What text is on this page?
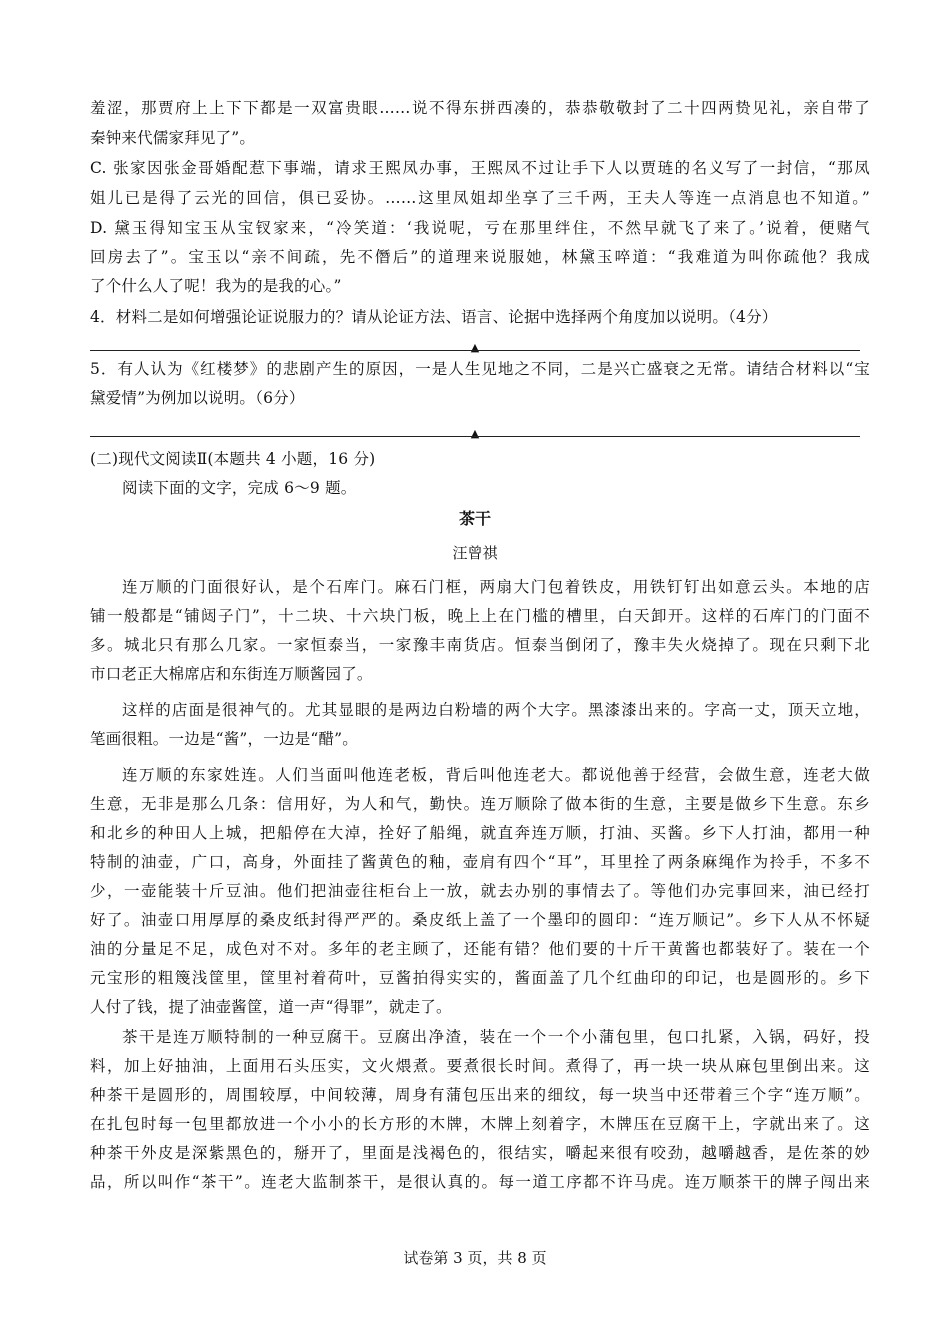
羞涩，那贾府上上下下都是一双富贵眼……说不得东拼西凑的，恭恭敬敬封了二十四两贽见礼，亲自带了
秦钟来代儒家拜见了”。
C. 张家因张金哥婚配惹下事端，请求王熙凤办事，王熙凤不过让手下人以贾琏的名义写了一封信，“那凤
姐儿已是得了云光的回信，俱已妥协。……这里凤姐却坐享了三千两，王夫人等连一点消息也不知道。”
D. 黛玉得知宝玉从宝钗家来，“冷笑道：‘我说呢，亏在那里绊住，不然早就飞了来了。’说着，便赌气
回房去了”。宝玉以“亲不间疏，先不僭后”的道理来说服她，林黛玉啐道：“我难道为叫你疏他？我成
了个什么人了呢！我为的是我的心。”
4．材料二是如何增强论证说服力的？请从论证方法、语言、论据中选择两个角度加以说明。（4分）
▲
5．有人认为《红楼梦》的悲剧产生的原因，一是人生见地之不同，二是兴亡盛衰之无常。请结合材料以“宝
黛爱情”为例加以说明。（6分）
▲
(二)现代文阅读Ⅱ(本题共 4 小题，16 分)
阅读下面的文字，完成 6～9 题。
茶干
汪曾祺
连万顺的门面很好认，是个石库门。麻石门框，两扇大门包着铁皮，用铁钉钉出如意云头。本地的店
铺一般都是“铺闼子门”，十二块、十六块门板，晚上上在门槛的槽里，白天卸开。这样的石库门的门面不
多。城北只有那么几家。一家恒泰当，一家豫丰南货店。恒泰当倒闭了，豫丰失火烧掉了。现在只剩下北
市口老正大棉席店和东街连万顺酱园了。
这样的店面是很神气的。尤其显眼的是两边白粉墙的两个大字。黑漆漆出来的。字高一丈，顶天立地，
笔画很粗。一边是“酱”，一边是“醋”。
连万顺的东家姓连。人们当面叫他连老板，背后叫他连老大。都说他善于经营，会做生意，连老大做
生意，无非是那么几条：信用好，为人和气，勤快。连万顺除了做本街的生意，主要是做乡下生意。东乡
和北乡的种田人上城，把船停在大淖，拴好了船绳，就直奔连万顺，打油、买酱。乡下人打油，都用一种
特制的油壶，广口，高身，外面挂了酱黄色的釉，壶肩有四个“耳”，耳里拴了两条麻绳作为拎手，不多不
少，一壶能装十斤豆油。他们把油壶往柜台上一放，就去办别的事情去了。等他们办完事回来，油已经打
好了。油壶口用厚厚的桑皮纸封得严严的。桑皮纸上盖了一个墨印的圆印：“连万顺记”。乡下人从不怀疑
油的分量足不足，成色对不对。多年的老主顾了，还能有错？他们要的十斤干黄酱也都装好了。装在一个
元宝形的粗篾浅筐里，筐里衬着荷叶，豆酱拍得实实的，酱面盖了几个红曲印的印记，也是圆形的。乡下
人付了钱，提了油壶酱筐，道一声“得罪”，就走了。
茶干是连万顺特制的一种豆腐干。豆腐出净渣，装在一个一个小蒲包里，包口扎紧，入锅，码好，投
料，加上好抽油，上面用石头压实，文火煨煮。要煮很长时间。煮得了，再一块一块从麻包里倒出来。这
种茶干是圆形的，周围较厚，中间较薄，周身有蒲包压出来的细纹，每一块当中还带着三个字“连万顺”。
在扎包时每一包里都放进一个小小的长方形的木牌，木牌上刻着字，木牌压在豆腐干上，字就出来了。这
种茶干外皮是深紫黑色的，掰开了，里面是浅褐色的，很结实，嚼起来很有咬劲，越嚼越香，是佐茶的妙
品，所以叫作“茶干”。连老大监制茶干，是很认真的。每一道工序都不许马虎。连万顺茶干的牌子闯出来
试卷第 3 页，共 8 页
